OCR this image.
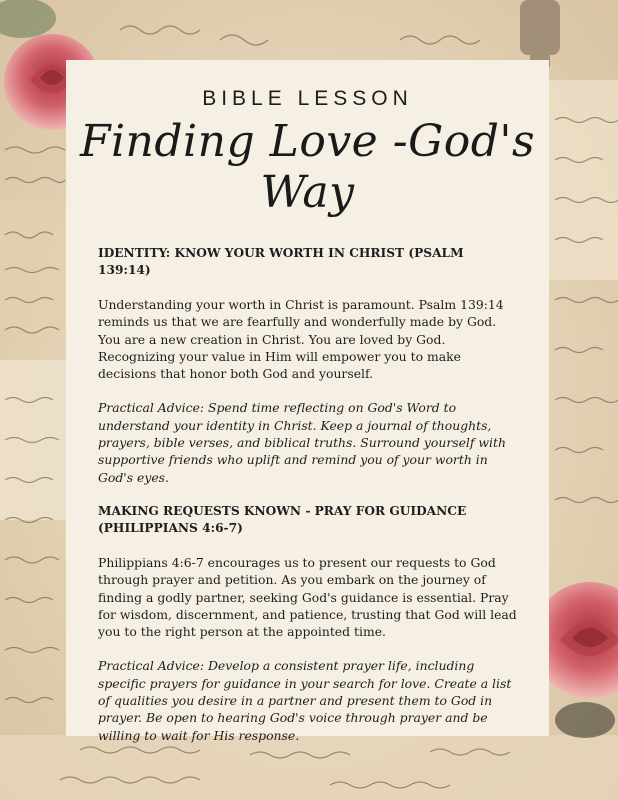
BIBLE LESSON
Finding Love -God's Way
IDENTITY: KNOW YOUR WORTH IN CHRIST (PSALM 139:14)

Understanding your worth in Christ is paramount. Psalm 139:14 reminds us that we are fearfully and wonderfully made by God. You are a new creation in Christ. You are loved by God. Recognizing your value in Him will empower you to make decisions that honor both God and yourself.

Practical Advice: Spend time reflecting on God's Word to understand your identity in Christ. Keep a journal of thoughts, prayers, bible verses, and biblical truths. Surround yourself with supportive friends who uplift and remind you of your worth in God's eyes.

MAKING REQUESTS KNOWN - PRAY FOR GUIDANCE (PHILIPPIANS 4:6-7)

Philippians 4:6-7 encourages us to present our requests to God through prayer and petition. As you embark on the journey of finding a godly partner, seeking God's guidance is essential. Pray for wisdom, discernment, and patience, trusting that God will lead you to the right person at the appointed time.

Practical Advice: Develop a consistent prayer life, including specific prayers for guidance in your search for love. Create a list of qualities you desire in a partner and present them to God in prayer. Be open to hearing God's voice through prayer and be willing to wait for His response.
